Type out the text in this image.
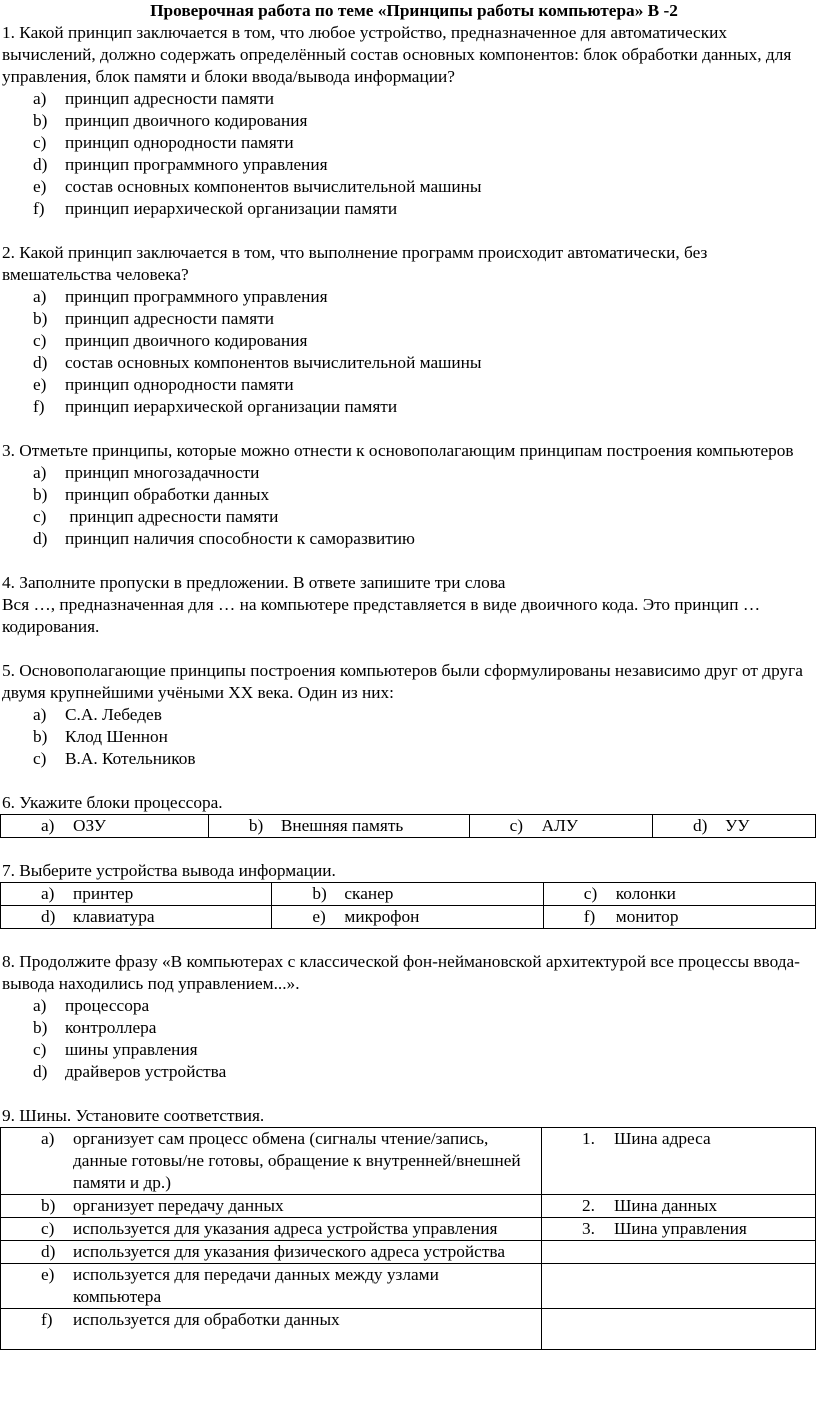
Проверочная работа по теме «Принципы работы компьютера» В -2

1. Какой принцип заключается в том, что любое устройство, предназначенное для автоматических вычислений, должно содержать определённый состав основных компонентов: блок обработки данных, для управления, блок памяти и блоки ввода/вывода информации?

a) принцип адресности памяти
b) принцип двоичного кодирования
c) принцип однородности памяти
d) принцип программного управления
e) состав основных компонентов вычислительной машины
f) принцип иерархической организации памяти

2. Какой принцип заключается в том, что выполнение программ происходит автоматически, без вмешательства человека?

a) принцип программного управления
b) принцип адресности памяти
c) принцип двоичного кодирования
d) состав основных компонентов вычислительной машины
e) принцип однородности памяти
f) принцип иерархической организации памяти

3. Отметьте принципы, которые можно отнести к основополагающим принципам построения компьютеров

a) принцип многозадачности
b) принцип обработки данных
c) принцип адресности памяти
d) принцип наличия способности к саморазвитию

4. Заполните пропуски в предложении. В ответе запишите три слова

Вся …, предназначенная для … на компьютере представляется в виде двоичного кода. Это принцип … кодирования.

5. Основополагающие принципы построения компьютеров были сформулированы независимо друг от друга двумя крупнейшими учёными XX века. Один из них:

a) С.А. Лебедев
b) Клод Шеннон
c) В.А. Котельников

6. Укажите блоки процессора.

a) ОЗУ	b) Внешняя память	c) АЛУ	d) УУ

7. Выберите устройства вывода информации.

a) принтер	b) сканер	c) колонки

d) клавиатура	e) микрофон	f) монитор

8. Продолжите фразу «В компьютерах с классической фон-неймановской архитектурой все процессы ввода-вывода находились под управлением...».

a) процессора
b) контроллера
c) шины управления
d) драйверов устройства

9. Шины. Установите соответствия.

a) организует сам процесс обмена (сигналы чтение/запись, данные готовы/не готовы, обращение к внутренней/внешней памяти и др.)	1. Шина адреса

b) организует передачу данных	2. Шина данных

c) используется для указания адреса устройства управления	3. Шина управления

d) используется для указания физического адреса устройства	

e) используется для передачи данных между узлами компьютера	

f) используется для обработки данных	
